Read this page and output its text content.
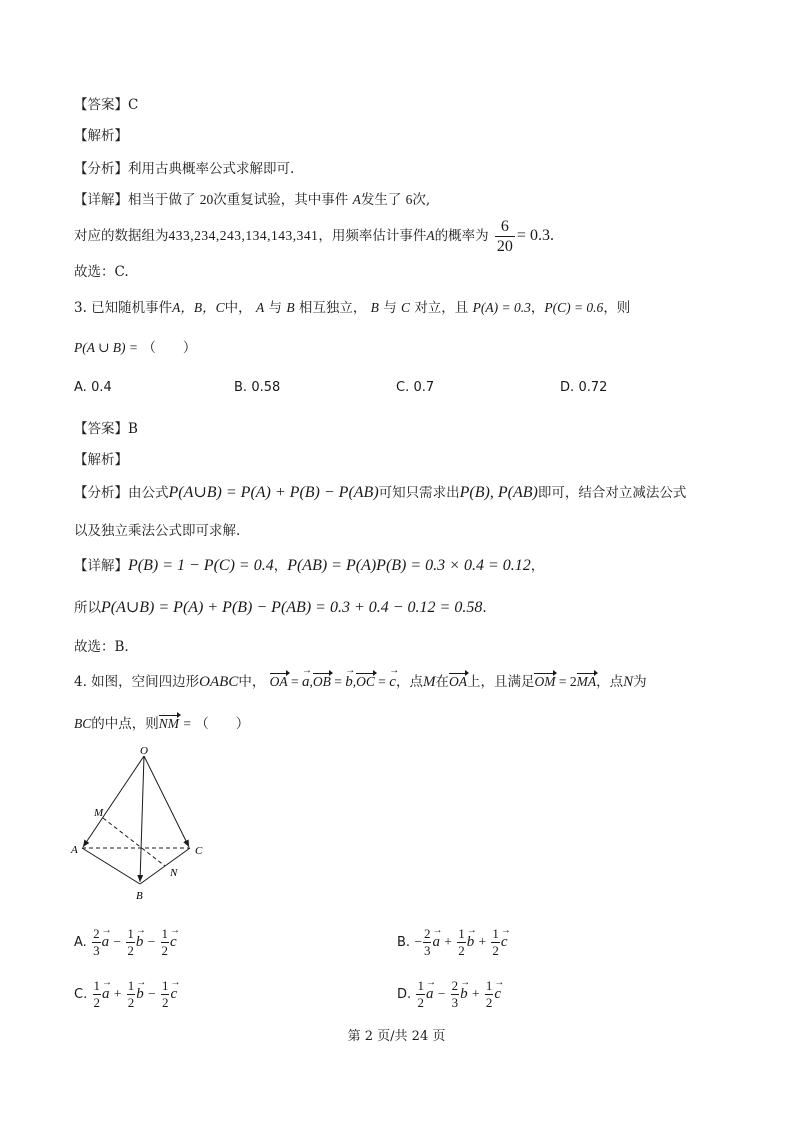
【答案】C
【解析】
【分析】利用古典概率公式求解即可.
【详解】相当于做了 20次重复试验，其中事件 A发生了 6次,
对应的数据组为433,234,243,134,143,341，用频率估计事件A的概率为 $\frac{6}{20} = 0.3$.
故选：C.
3. 已知随机事件A，B，C中， A 与 B 相互独立， B 与 C 对立，且 P(A) = 0.3，P(C) = 0.6，则
P(A ∪ B) = （　　）
A. 0.4	B. 0.58	C. 0.7	D. 0.72
【答案】B
【解析】
【分析】由公式P(A∪B) = P(A) + P(B) − P(AB)可知只需求出P(B), P(AB)即可，结合对立减法公式
以及独立乘法公式即可求解.
【详解】P(B) = 1 − P(C) = 0.4，P(AB) = P(A)P(B) = 0.3 × 0.4 = 0.12，
所以P(A∪B) = P(A) + P(B) − P(AB) = 0.3 + 0.4 − 0.12 = 0.58.
故选：B.
4. 如图，空间四边形OABC中， OA = → a,OB = → b,OC = → c，点M在OA上，且满足OM = 2MA，点N为
BC的中点，则NM = （　　）
O
M
A	C
N
B
A. $\frac{2}{3}$
→ $a - \frac{1}{2}$
→ $b - \frac{1}{2}$
→ c	B. − $\frac{2}{3}$
→ $a + \frac{1}{2}$
→ $b + \frac{1}{2}$
→ c
C. $\frac{1}{2}$
→ $a + \frac{1}{2}$
→ $b - \frac{1}{2}$
→ c	D. $\frac{1}{2}$
→ $a - \frac{2}{3}$
→ $b + \frac{1}{2}$
→ c
第 2 页/共 24 页
